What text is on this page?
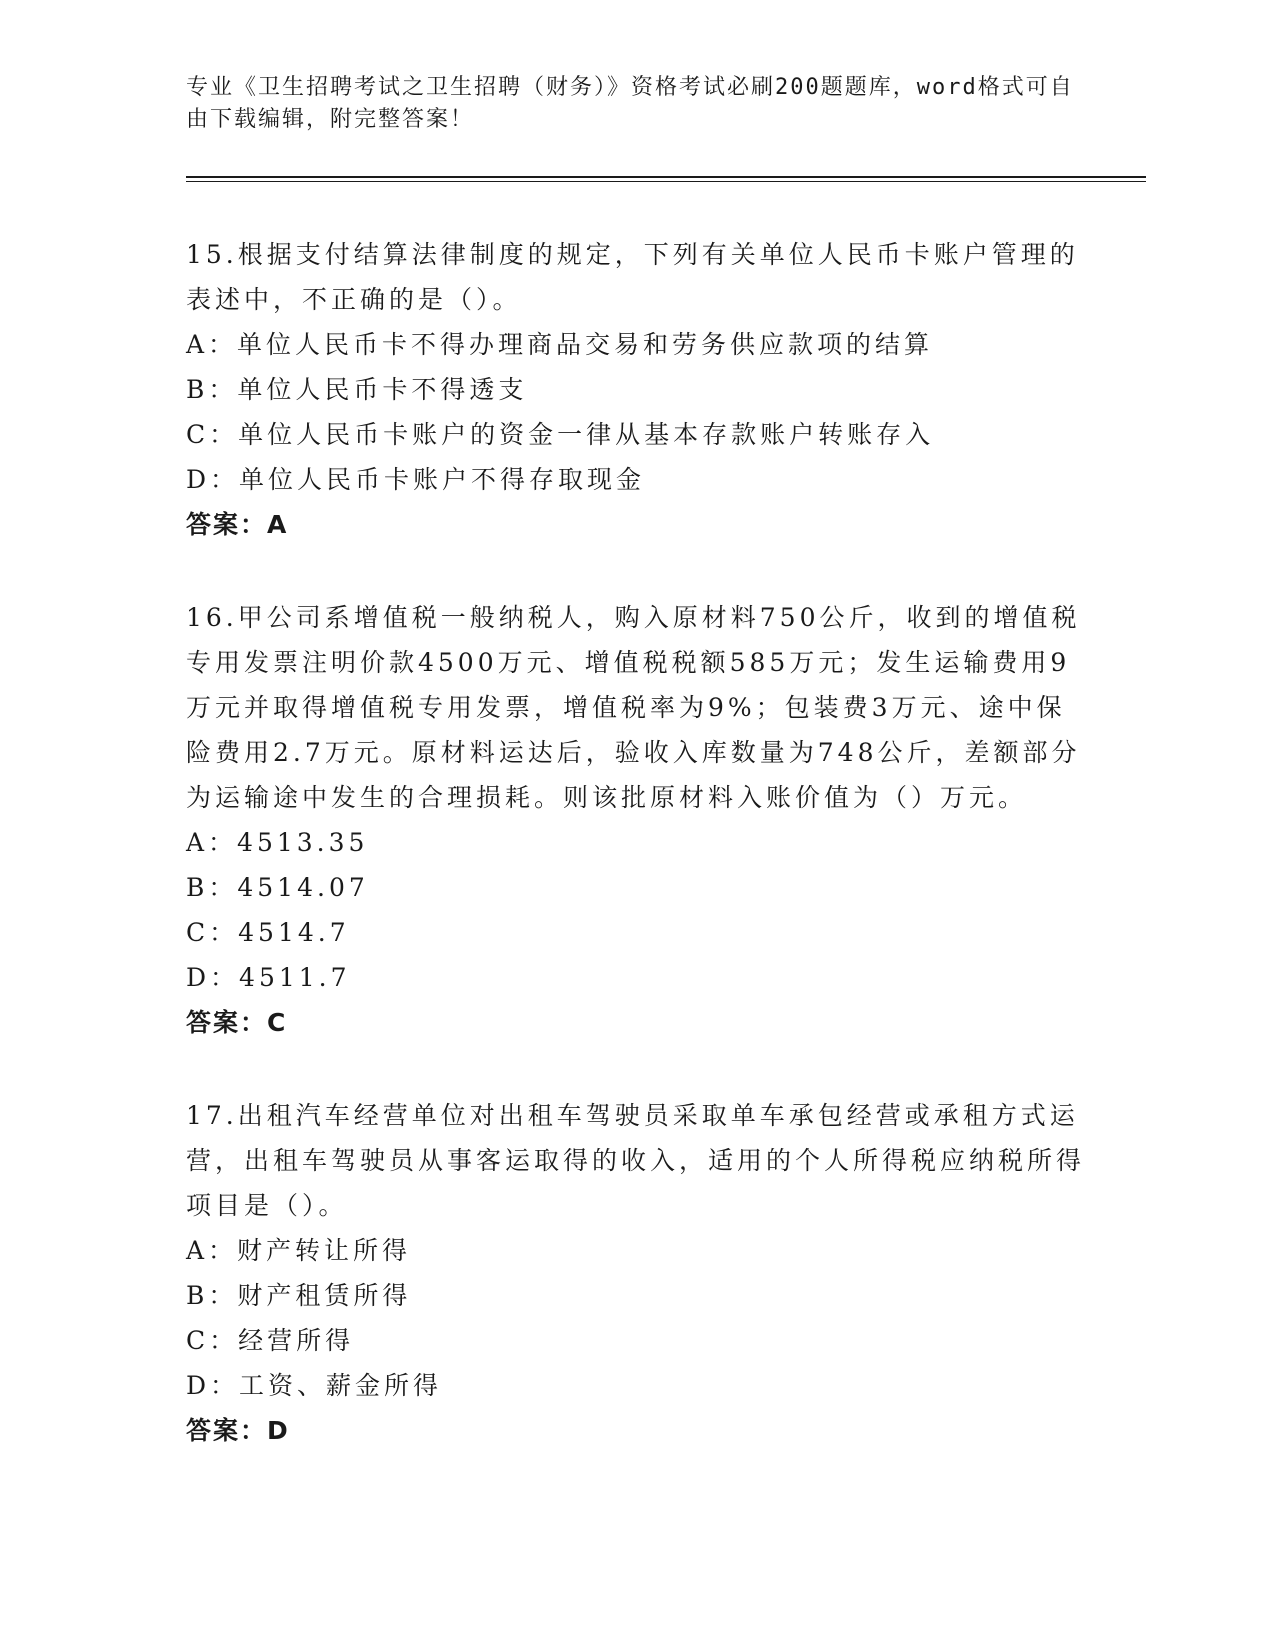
专业《卫生招聘考试之卫生招聘（财务）》资格考试必刷200题题库，word格式可自由下载编辑，附完整答案！

15.根据支付结算法律制度的规定，下列有关单位人民币卡账户管理的表述中，不正确的是（）。

A：单位人民币卡不得办理商品交易和劳务供应款项的结算

B：单位人民币卡不得透支

C：单位人民币卡账户的资金一律从基本存款账户转账存入

D：单位人民币卡账户不得存取现金

答案：A

16.甲公司系增值税一般纳税人，购入原材料750公斤，收到的增值税专用发票注明价款4500万元、增值税税额585万元；发生运输费用9万元并取得增值税专用发票，增值税率为9%；包装费3万元、途中保险费用2.7万元。原材料运达后，验收入库数量为748公斤，差额部分为运输途中发生的合理损耗。则该批原材料入账价值为（）万元。

A：4513.35

B：4514.07

C：4514.7

D：4511.7

答案：C

17.出租汽车经营单位对出租车驾驶员采取单车承包经营或承租方式运营，出租车驾驶员从事客运取得的收入，适用的个人所得税应纳税所得项目是（）。

A：财产转让所得

B：财产租赁所得

C：经营所得

D：工资、薪金所得

答案：D
